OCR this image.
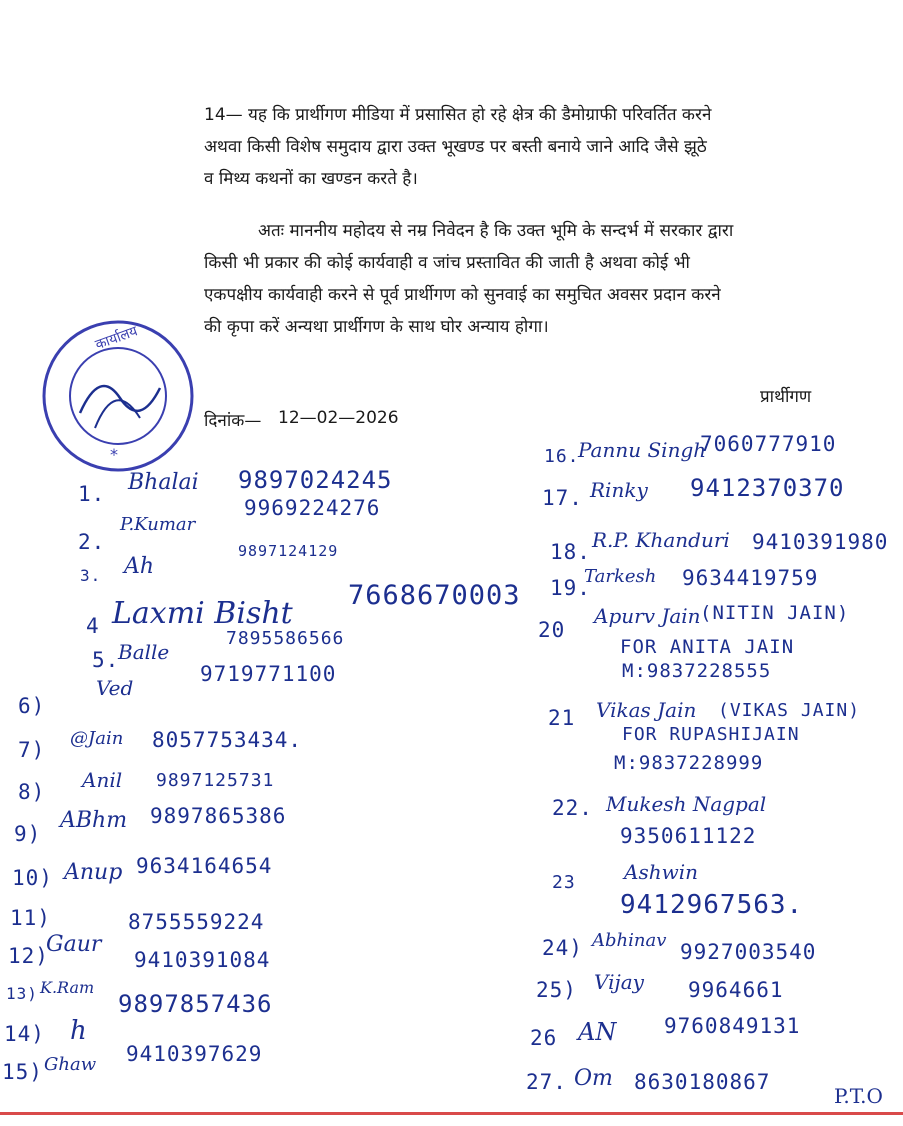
14— यह कि प्रार्थीगण मीडिया में प्रसासित हो रहे क्षेत्र की डैमोग्राफी परिवर्तित करने
अथवा किसी विशेष समुदाय द्वारा उक्त भूखण्ड पर बस्ती बनाये जाने आदि जैसे झूठे
व मिथ्य कथनों का खण्डन करते है।
अतः माननीय महोदय से नम्र निवेदन है कि उक्त भूमि के सन्दर्भ में सरकार द्वारा
किसी भी प्रकार की कोई कार्यवाही व जांच प्रस्तावित की जाती है अथवा कोई भी
एकपक्षीय कार्यवाही करने से पूर्व प्रार्थीगण को सुनवाई का समुचित अवसर प्रदान करने
की कृपा करें अन्यथा प्रार्थीगण के साथ घोर अन्याय होगा।
प्रार्थीगण
दिनांक— 12—02—2026
*
कार्यालय
1. Bhalai 9897024245
2.
P.Kumar
9969224276
3. Ah
9897124129
4 Laxmi Bisht
7668670003
5.
Balle
7895586566
Ved
9719771100
6)
7) @Jain 8057753434.
8) Anil 9897125731
9)
ABhm 9897865386
10) Anup 9634164654
11)	8755559224
12)
Gaur
9410391084
13) K.Ram
14) h
9897857436
15) Ghaw 9410397629
16.
Pannu Singh
7060777910
17. Rinky 9412370370
18. R.P. Khanduri 9410391980
19.
Tarkesh 9634419759
20
Apurv Jain (NITIN JAIN)
FOR ANITA JAIN
M:9837228555
21 Vikas Jain (VIKAS JAIN)
FOR RUPASHIJAIN
M:9837228999
22. Mukesh Nagpal
9350611122
23 Ashwin
9412967563.
24) Abhinav 9927003540
25) Vijay 9964661
26 AN 9760849131
27. Om 8630180867
P.T.O
